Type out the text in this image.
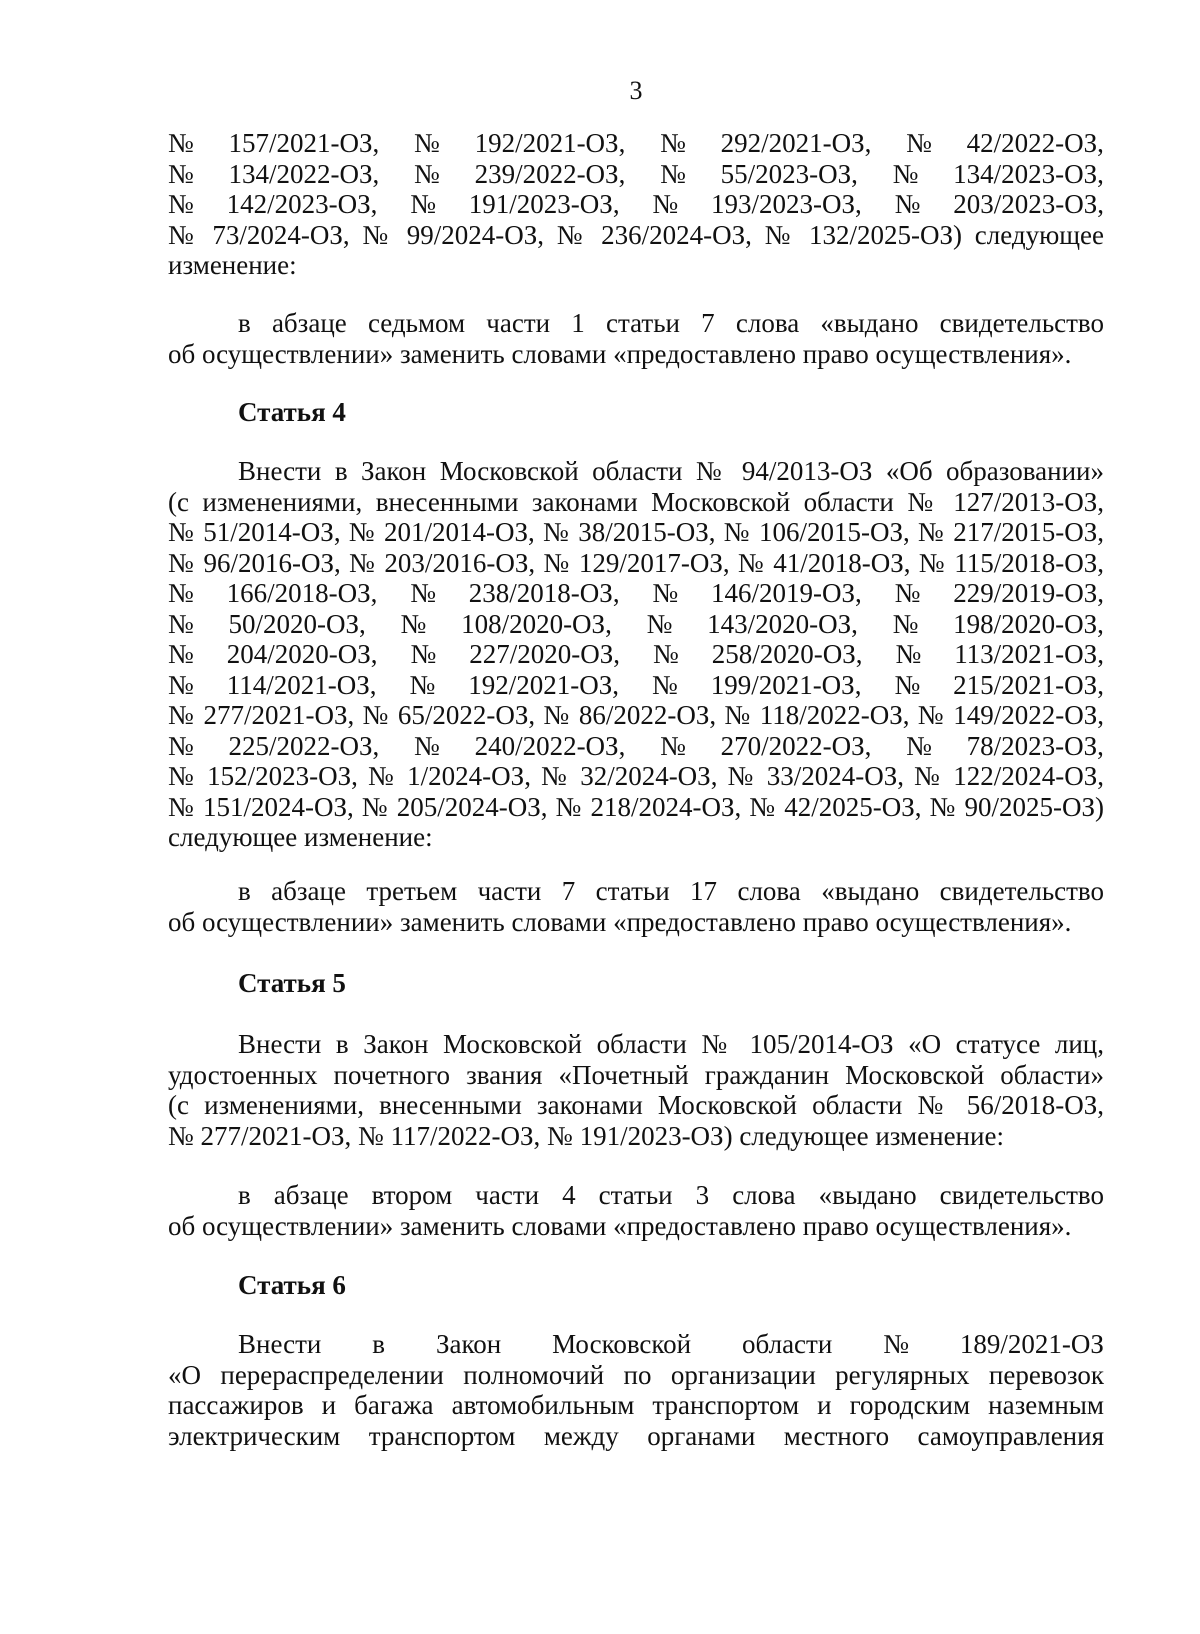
3
№ 157/2021-ОЗ, № 192/2021-ОЗ, № 292/2021-ОЗ, № 42/2022-ОЗ,
№ 134/2022-ОЗ, № 239/2022-ОЗ, № 55/2023-ОЗ, № 134/2023-ОЗ,
№ 142/2023-ОЗ, № 191/2023-ОЗ, № 193/2023-ОЗ, № 203/2023-ОЗ,
№ 73/2024-ОЗ, № 99/2024-ОЗ, № 236/2024-ОЗ, № 132/2025-ОЗ) следующее
изменение:
в абзаце седьмом части 1 статьи 7 слова «выдано свидетельство
об осуществлении» заменить словами «предоставлено право осуществления».
Статья 4
Внести в Закон Московской области № 94/2013-ОЗ «Об образовании»
(с изменениями, внесенными законами Московской области № 127/2013-ОЗ,
№ 51/2014-ОЗ, № 201/2014-ОЗ, № 38/2015-ОЗ, № 106/2015-ОЗ, № 217/2015-ОЗ,
№ 96/2016-ОЗ, № 203/2016-ОЗ, № 129/2017-ОЗ, № 41/2018-ОЗ, № 115/2018-ОЗ,
№ 166/2018-ОЗ, № 238/2018-ОЗ, № 146/2019-ОЗ, № 229/2019-ОЗ,
№ 50/2020-ОЗ, № 108/2020-ОЗ, № 143/2020-ОЗ, № 198/2020-ОЗ,
№ 204/2020-ОЗ, № 227/2020-ОЗ, № 258/2020-ОЗ, № 113/2021-ОЗ,
№ 114/2021-ОЗ, № 192/2021-ОЗ, № 199/2021-ОЗ, № 215/2021-ОЗ,
№ 277/2021-ОЗ, № 65/2022-ОЗ, № 86/2022-ОЗ, № 118/2022-ОЗ, № 149/2022-ОЗ,
№ 225/2022-ОЗ, № 240/2022-ОЗ, № 270/2022-ОЗ, № 78/2023-ОЗ,
№ 152/2023-ОЗ, № 1/2024-ОЗ, № 32/2024-ОЗ, № 33/2024-ОЗ, № 122/2024-ОЗ,
№ 151/2024-ОЗ, № 205/2024-ОЗ, № 218/2024-ОЗ, № 42/2025-ОЗ, № 90/2025-ОЗ)
следующее изменение:
в абзаце третьем части 7 статьи 17 слова «выдано свидетельство
об осуществлении» заменить словами «предоставлено право осуществления».
Статья 5
Внести в Закон Московской области № 105/2014-ОЗ «О статусе лиц,
удостоенных почетного звания «Почетный гражданин Московской области»
(с изменениями, внесенными законами Московской области № 56/2018-ОЗ,
№ 277/2021-ОЗ, № 117/2022-ОЗ, № 191/2023-ОЗ) следующее изменение:
в абзаце втором части 4 статьи 3 слова «выдано свидетельство
об осуществлении» заменить словами «предоставлено право осуществления».
Статья 6
Внести в Закон Московской области № 189/2021-ОЗ
«О перераспределении полномочий по организации регулярных перевозок
пассажиров и багажа автомобильным транспортом и городским наземным
электрическим транспортом между органами местного самоуправления
